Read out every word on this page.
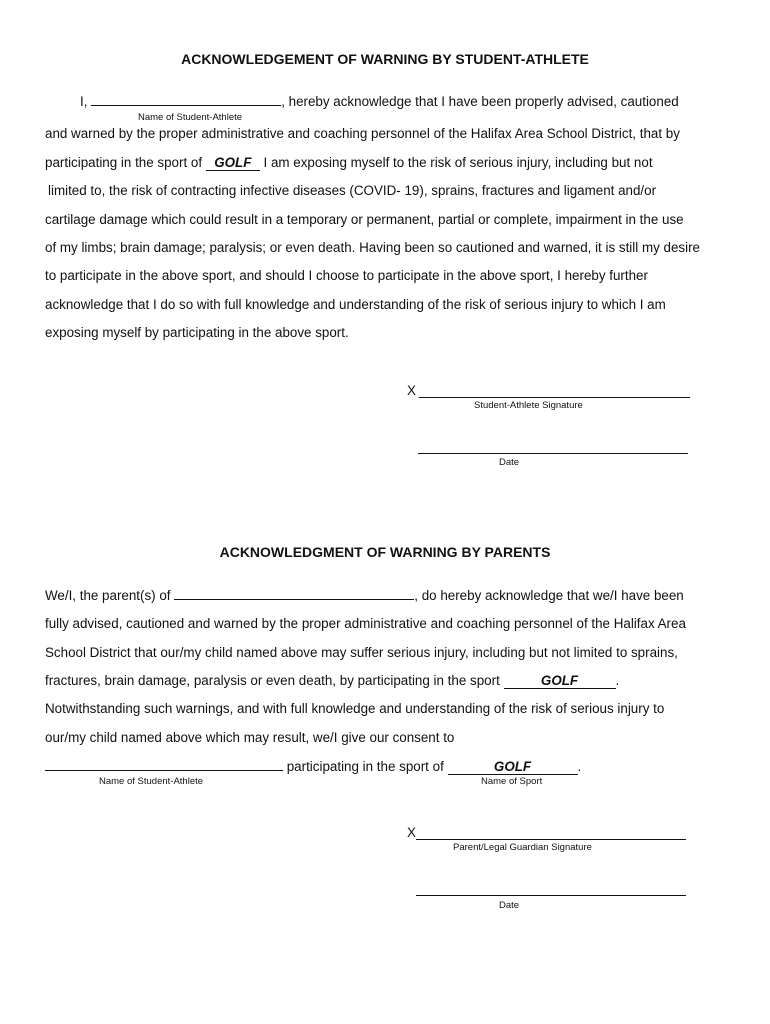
ACKNOWLEDGEMENT OF WARNING BY STUDENT-ATHLETE
I,	, hereby acknowledge that I have been properly advised, cautioned
Name of Student-Athlete
and warned by the proper administrative and coaching personnel of the Halifax Area School District, that by
participating in the sport of GOLF I am exposing myself to the risk of serious injury, including but not
limited to, the risk of contracting infective diseases (COVID- 19), sprains, fractures and ligament and/or
cartilage damage which could result in a temporary or permanent, partial or complete, impairment in the use
of my limbs; brain damage; paralysis; or even death. Having been so cautioned and warned, it is still my desire
to participate in the above sport, and should I choose to participate in the above sport, I hereby further
acknowledge that I do so with full knowledge and understanding of the risk of serious injury to which I am
exposing myself by participating in the above sport.
X
Student-Athlete Signature
Date
ACKNOWLEDGMENT OF WARNING BY PARENTS
We/I, the parent(s) of	, do hereby acknowledge that we/I have been
fully advised, cautioned and warned by the proper administrative and coaching personnel of the Halifax Area
School District that our/my child named above may suffer serious injury, including but not limited to sprains,
fractures, brain damage, paralysis or even death, by participating in the sport	GOLF	.
Notwithstanding such warnings, and with full knowledge and understanding of the risk of serious injury to
our/my child named above which may result, we/I give our consent to
participating in the sport of	GOLF	.
Name of Student-Athlete	Name of Sport
X
Parent/Legal Guardian Signature
Date
